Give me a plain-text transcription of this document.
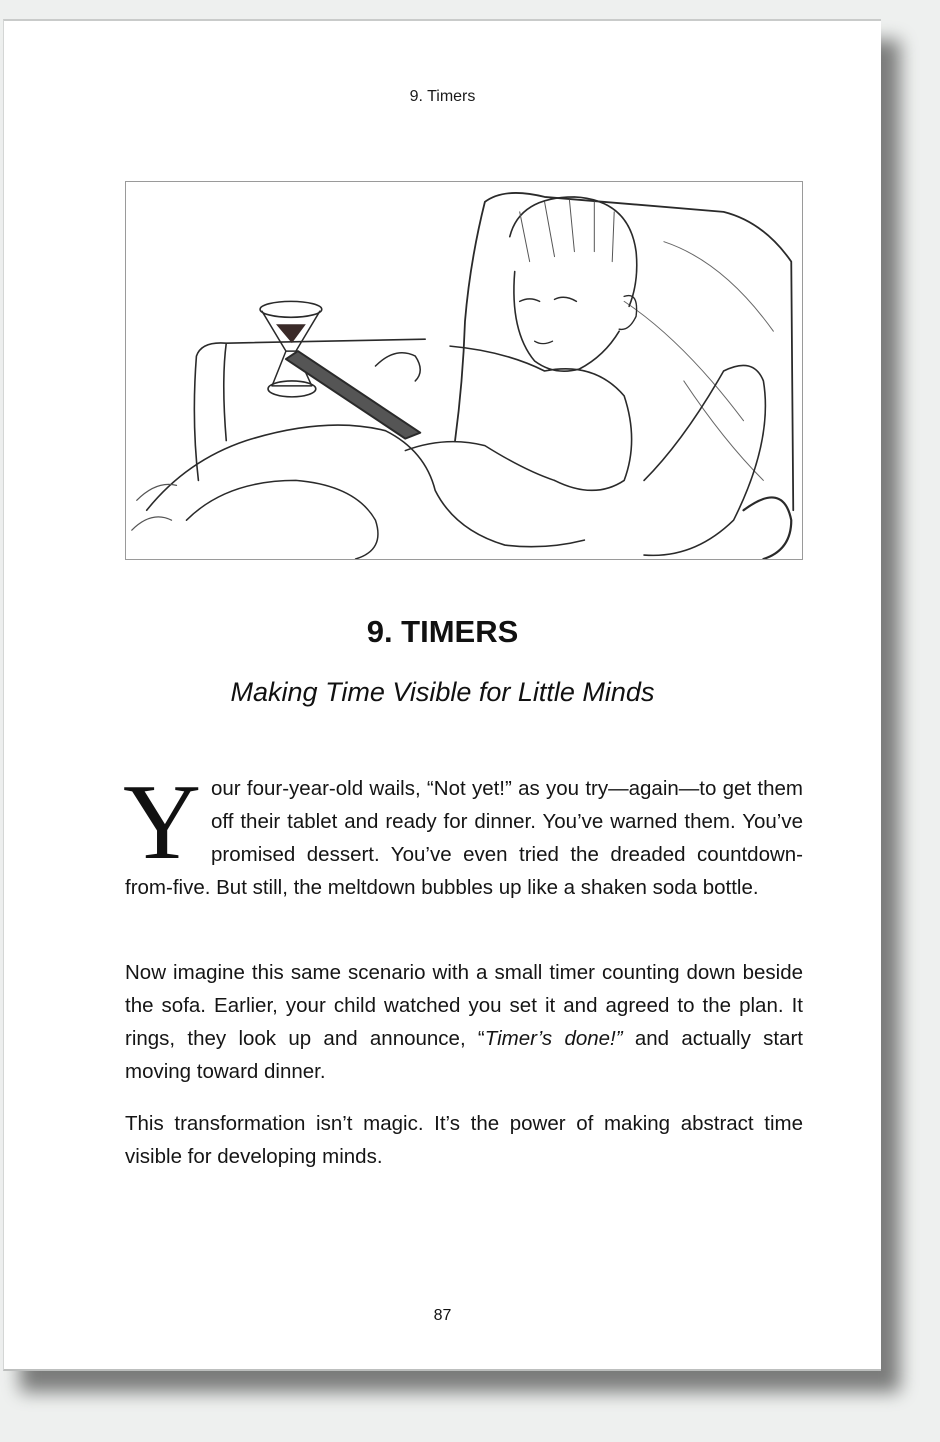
9. Timers
9. TIMERS
Making Time Visible for Little Minds
Your four-year-old wails, “Not yet!” as you try—again—to get them off their tablet and ready for dinner. You’ve warned them. You’ve promised dessert. You’ve even tried the dreaded countdown-from-five. But still, the meltdown bubbles up like a shaken soda bottle.
Now imagine this same scenario with a small timer counting down beside the sofa. Earlier, your child watched you set it and agreed to the plan. It rings, they look up and announce, “Timer’s done!” and actually start moving toward dinner.
This transformation isn’t magic. It’s the power of making abstract time visible for developing minds.
87
